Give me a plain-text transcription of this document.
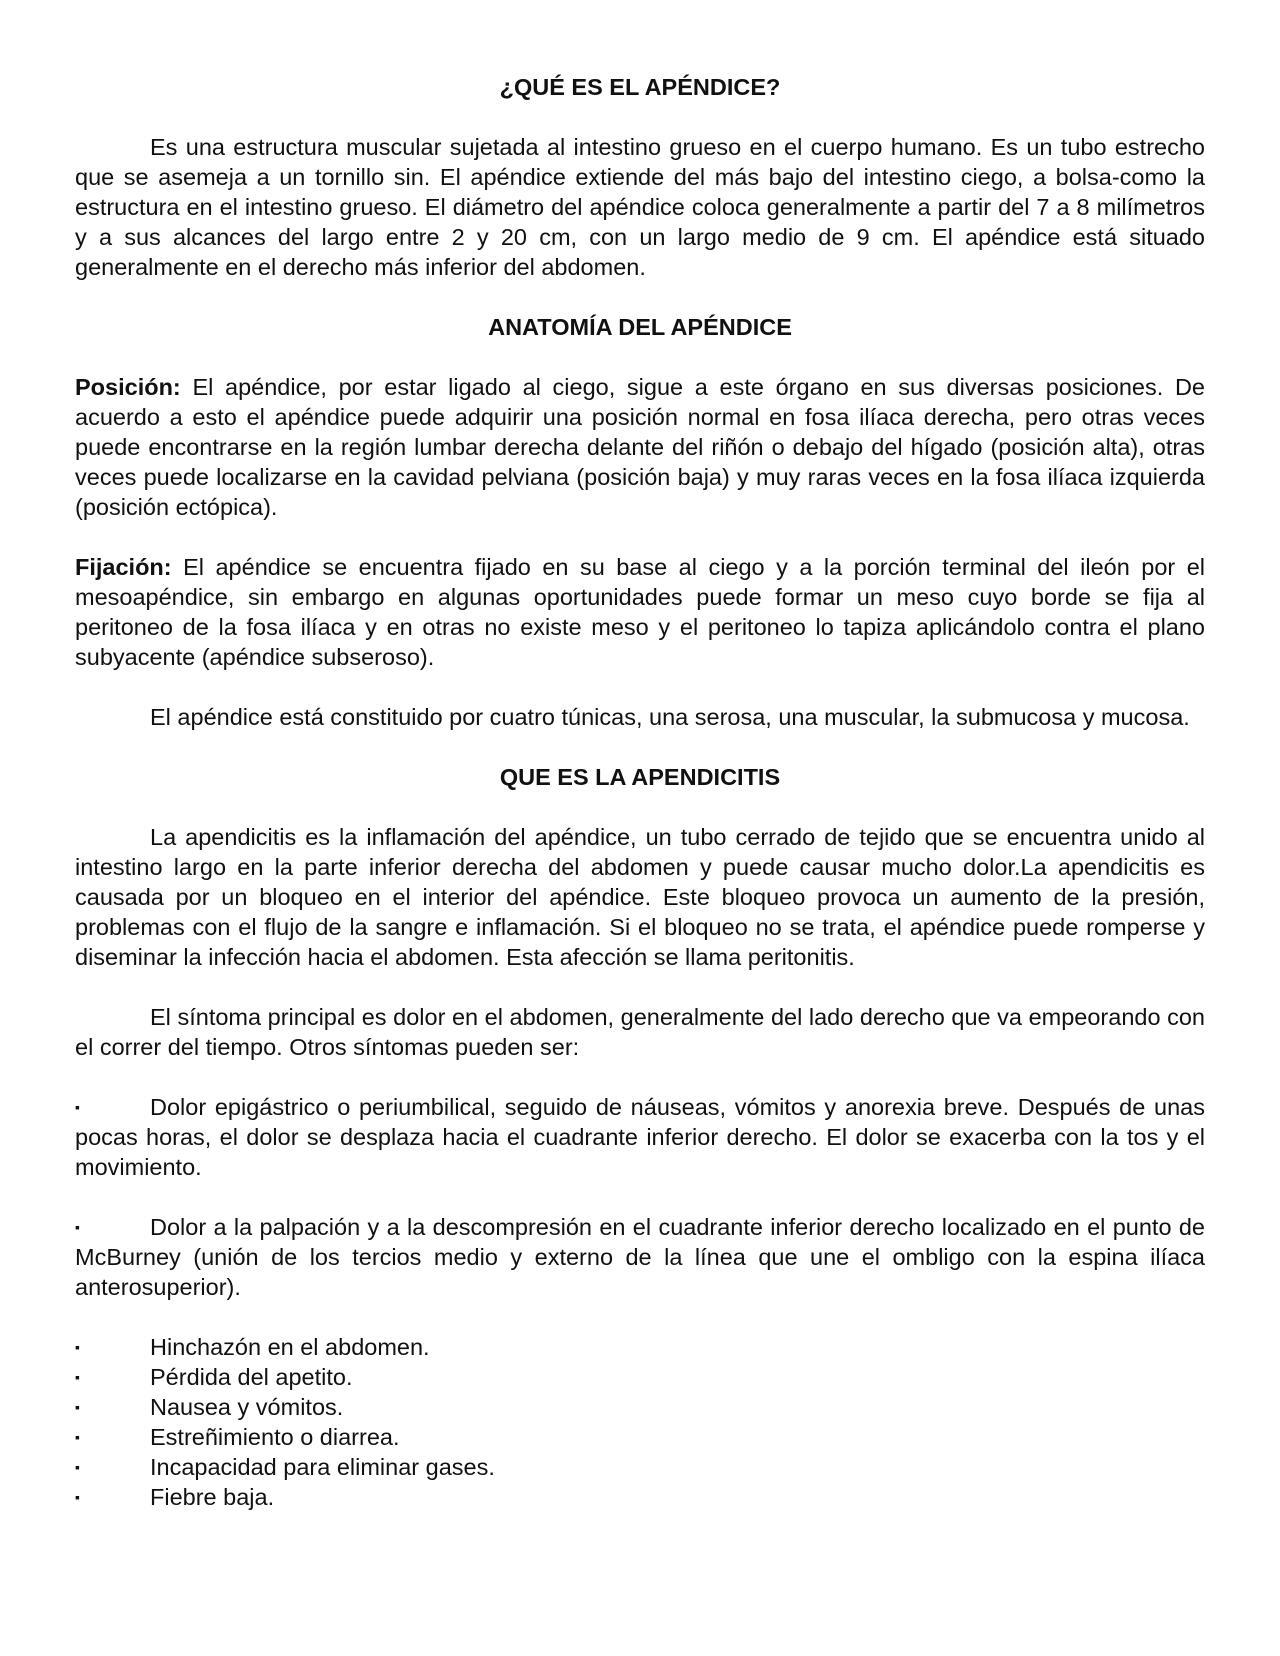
¿QUÉ ES EL APÉNDICE?

Es una estructura muscular sujetada al intestino grueso en el cuerpo humano. Es un tubo estrecho que se asemeja a un tornillo sin. El apéndice extiende del más bajo del intestino ciego, a bolsa-como la estructura en el intestino grueso. El diámetro del apéndice coloca generalmente a partir del 7 a 8 milímetros y a sus alcances del largo entre 2 y 20 cm, con un largo medio de 9 cm. El apéndice está situado generalmente en el derecho más inferior del abdomen.

ANATOMÍA DEL APÉNDICE

Posición: El apéndice, por estar ligado al ciego, sigue a este órgano en sus diversas posiciones. De acuerdo a esto el apéndice puede adquirir una posición normal en fosa ilíaca derecha, pero otras veces puede encontrarse en la región lumbar derecha delante del riñón o debajo del hígado (posición alta), otras veces puede localizarse en la cavidad pelviana (posición baja) y muy raras veces en la fosa ilíaca izquierda (posición ectópica).

Fijación: El apéndice se encuentra fijado en su base al ciego y a la porción terminal del ileón por el mesoapéndice, sin embargo en algunas oportunidades puede formar un meso cuyo borde se fija al peritoneo de la fosa ilíaca y en otras no existe meso y el peritoneo lo tapiza aplicándolo contra el plano subyacente (apéndice subseroso).

El apéndice está constituido por cuatro túnicas, una serosa, una muscular, la submucosa y mucosa.

QUE ES LA APENDICITIS

La apendicitis es la inflamación del apéndice, un tubo cerrado de tejido que se encuentra unido al intestino largo en la parte inferior derecha del abdomen y puede causar mucho dolor.La apendicitis es causada por un bloqueo en el interior del apéndice. Este bloqueo provoca un aumento de la presión, problemas con el flujo de la sangre e inflamación. Si el bloqueo no se trata, el apéndice puede romperse y diseminar la infección hacia el abdomen. Esta afección se llama peritonitis.

El síntoma principal es dolor en el abdomen, generalmente del lado derecho que va empeorando con el correr del tiempo. Otros síntomas pueden ser:

▪	Dolor epigástrico o periumbilical, seguido de náuseas, vómitos y anorexia breve. Después de unas pocas horas, el dolor se desplaza hacia el cuadrante inferior derecho. El dolor se exacerba con la tos y el movimiento.
▪	Dolor a la palpación y a la descompresión en el cuadrante inferior derecho localizado en el punto de McBurney (unión de los tercios medio y externo de la línea que une el ombligo con la espina ilíaca anterosuperior).
▪	Hinchazón en el abdomen.
▪	Pérdida del apetito.
▪	Nausea y vómitos.
▪	Estreñimiento o diarrea.
▪	Incapacidad para eliminar gases.
▪	Fiebre baja.
